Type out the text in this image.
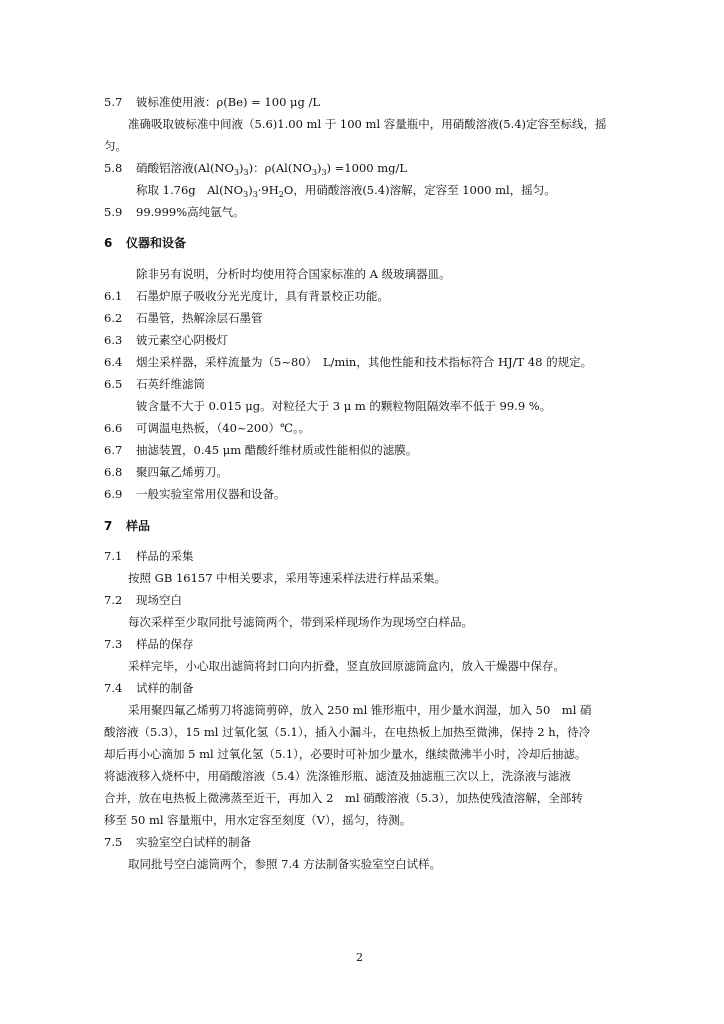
5.7 铍标准使用液：ρ(Be) = 100 μg /L
准确吸取铍标准中间液（5.6)1.00 ml 于 100 ml 容量瓶中，用硝酸溶液(5.4)定容至标线，摇
匀。
5.8 硝酸铝溶液$(Al(NO_3)_3)$：$\rho(Al(NO_3)_3) =1000$ mg/L
称取 1.76g　$Al(NO_3)_3\cdot 9H_2O$，用硝酸溶液(5.4)溶解，定容至 1000 ml，摇匀。
5.9 99.999%高纯氩气。
6 仪器和设备
除非另有说明，分析时均使用符合国家标准的 A 级玻璃器皿。
6.1 石墨炉原子吸收分光光度计，具有背景校正功能。
6.2 石墨管，热解涂层石墨管
6.3 铍元素空心阴极灯
6.4 烟尘采样器，采样流量为（5~80）　L/min，其他性能和技术指标符合 HJ/T 48 的规定。
6.5 石英纤维滤筒
铍含量不大于 0.015 μg。对粒径大于 3 μ m 的颗粒物阻隔效率不低于 99.9 %。
6.6 可调温电热板，（40~200）℃。。
6.7 抽滤装置，0.45 μm 醋酸纤维材质或性能相似的滤膜。
6.8 聚四氟乙烯剪刀。
6.9 一般实验室常用仪器和设备。
7 样品
7.1 样品的采集
按照 GB 16157 中相关要求，采用等速采样法进行样品采集。
7.2 现场空白
每次采样至少取同批号滤筒两个，带到采样现场作为现场空白样品。
7.3 样品的保存
采样完毕，小心取出滤筒将封口向内折叠，竖直放回原滤筒盒内，放入干燥器中保存。
7.4 试样的制备
采用聚四氟乙烯剪刀将滤筒剪碎，放入 250 ml 锥形瓶中，用少量水润湿，加入 50　ml 硝
酸溶液（5.3），15 ml 过氧化氢（5.1），插入小漏斗，在电热板上加热至微沸，保持 2 h，待冷
却后再小心滴加 5 ml 过氧化氢（5.1），必要时可补加少量水，继续微沸半小时，冷却后抽滤。
将滤液移入烧杯中，用硝酸溶液（5.4）洗涤锥形瓶、滤渣及抽滤瓶三次以上，洗涤液与滤液
合并，放在电热板上微沸蒸至近干，再加入 2　ml 硝酸溶液（5.3），加热使残渣溶解，全部转
移至 50 ml 容量瓶中，用水定容至刻度（V），摇匀，待测。
7.5 实验室空白试样的制备
取同批号空白滤筒两个，参照 7.4 方法制备实验室空白试样。
2
